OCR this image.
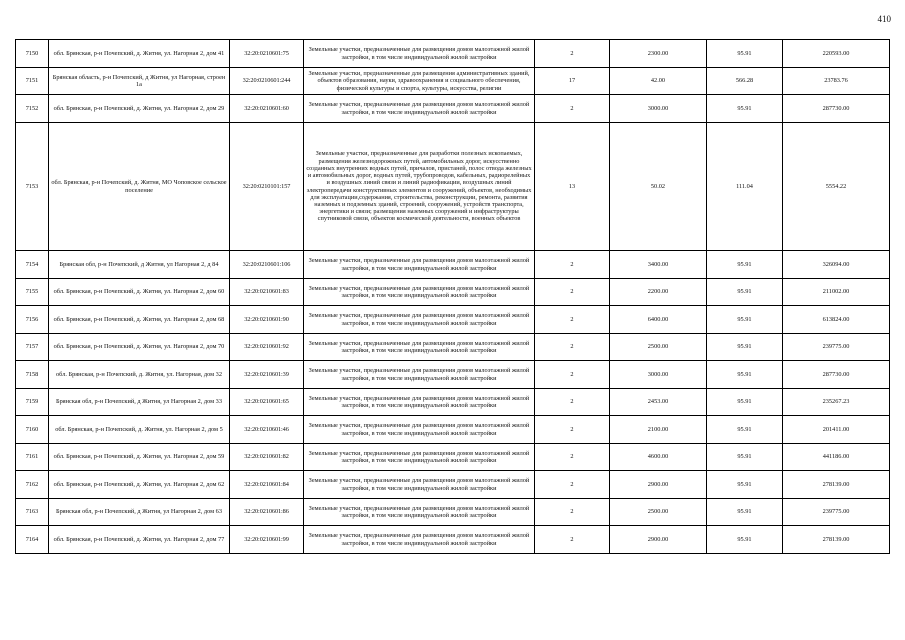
410
7150	обл. Брянская, р-н Почепский, д. Житня, ул. Нагорная 2, дом 41	32:20:0210601:75	Земельные участки, предназначенные для размещения домов малоэтажной жилой застройки, в том числе индивидуальной жилой застройки	2	2300.00	95.91	220593.00
7151	Брянская область, р-н Почепский, д Житня, ул Нагорная, строен 1а	32:20:0210601:244	Земельные участки, предназначенные для размещения административных зданий, объектов образования, науки, здравоохранения и социального обеспечения, физической культуры и спорта, культуры, искусства, религии	17	42.00	566.28	23783.76
7152	обл. Брянская, р-н Почепский, д. Житня, ул. Нагорная 2, дом 29	32:20:0210601:60	Земельные участки, предназначенные для размещения домов малоэтажной жилой застройки, в том числе индивидуальной жилой застройки	2	3000.00	95.91	287730.00
7153	обл. Брянская, р-н Почепский, д. Житня, МО Чоповское сельское поселение	32:20:0210101:157	Земельные участки, предназначенные для разработки полезных ископаемых, размещения железнодорожных путей, автомобильных дорог, искусственно созданных внутренних водных путей, причалов, пристаней, полос отвода железных и автомобильных дорог, водных путей, трубопроводов, кабельных, радиорелейных и воздушных линий связи и линий радиофикации, воздушных линий электропередачи конструктивных элементов и сооружений, объектов, необходимых для эксплуатации,содержания, строительства, реконструкции, ремонта, развития наземных и подземных зданий, строений, сооружений, устройств транспорта, энергетики и связи; размещения наземных сооружений и инфраструктуры спутниковой связи, объектов космической деятельности, военных объектов	13	50.02	111.04	5554.22
7154	Брянская обл, р-н Почепский, д Житня, ул Нагорная 2, д 84	32:20:0210601:106	Земельные участки, предназначенные для размещения домов малоэтажной жилой застройки, в том числе индивидуальной жилой застройки	2	3400.00	95.91	326094.00
7155	обл. Брянская, р-н Почепский, д. Житня, ул. Нагорная 2, дом 60	32:20:0210601:83	Земельные участки, предназначенные для размещения домов малоэтажной жилой застройки, в том числе индивидуальной жилой застройки	2	2200.00	95.91	211002.00
7156	обл. Брянская, р-н Почепский, д. Житня, ул. Нагорная 2, дом 68	32:20:0210601:90	Земельные участки, предназначенные для размещения домов малоэтажной жилой застройки, в том числе индивидуальной жилой застройки	2	6400.00	95.91	613824.00
7157	обл. Брянская, р-н Почепский, д. Житня, ул. Нагорная 2, дом 70	32:20:0210601:92	Земельные участки, предназначенные для размещения домов малоэтажной жилой застройки, в том числе индивидуальной жилой застройки	2	2500.00	95.91	239775.00
7158	обл. Брянская, р-н Почепский, д. Житня, ул. Нагорная, дом 32	32:20:0210601:39	Земельные участки, предназначенные для размещения домов малоэтажной жилой застройки, в том числе индивидуальной жилой застройки	2	3000.00	95.91	287730.00
7159	Брянская обл, р-н Почепский, д Житня, ул Нагорная 2, дом 33	32:20:0210601:65	Земельные участки, предназначенные для размещения домов малоэтажной жилой застройки, в том числе индивидуальной жилой застройки	2	2453.00	95.91	235267.23
7160	обл. Брянская, р-н Почепский, д. Житня, ул. Нагорная 2, дом 5	32:20:0210601:46	Земельные участки, предназначенные для размещения домов малоэтажной жилой застройки, в том числе индивидуальной жилой застройки	2	2100.00	95.91	201411.00
7161	обл. Брянская, р-н Почепский, д. Житня, ул. Нагорная 2, дом 59	32:20:0210601:82	Земельные участки, предназначенные для размещения домов малоэтажной жилой застройки, в том числе индивидуальной жилой застройки	2	4600.00	95.91	441186.00
7162	обл. Брянская, р-н Почепский, д. Житня, ул. Нагорная 2, дом 62	32:20:0210601:84	Земельные участки, предназначенные для размещения домов малоэтажной жилой застройки, в том числе индивидуальной жилой застройки	2	2900.00	95.91	278139.00
7163	Брянская обл, р-н Почепский, д Житня, ул Нагорная 2, дом 63	32:20:0210601:86	Земельные участки, предназначенные для размещения домов малоэтажной жилой застройки, в том числе индивидуальной жилой застройки	2	2500.00	95.91	239775.00
7164	обл. Брянская, р-н Почепский, д. Житня, ул. Нагорная 2, дом 77	32:20:0210601:99	Земельные участки, предназначенные для размещения домов малоэтажной жилой застройки, в том числе индивидуальной жилой застройки	2	2900.00	95.91	278139.00
